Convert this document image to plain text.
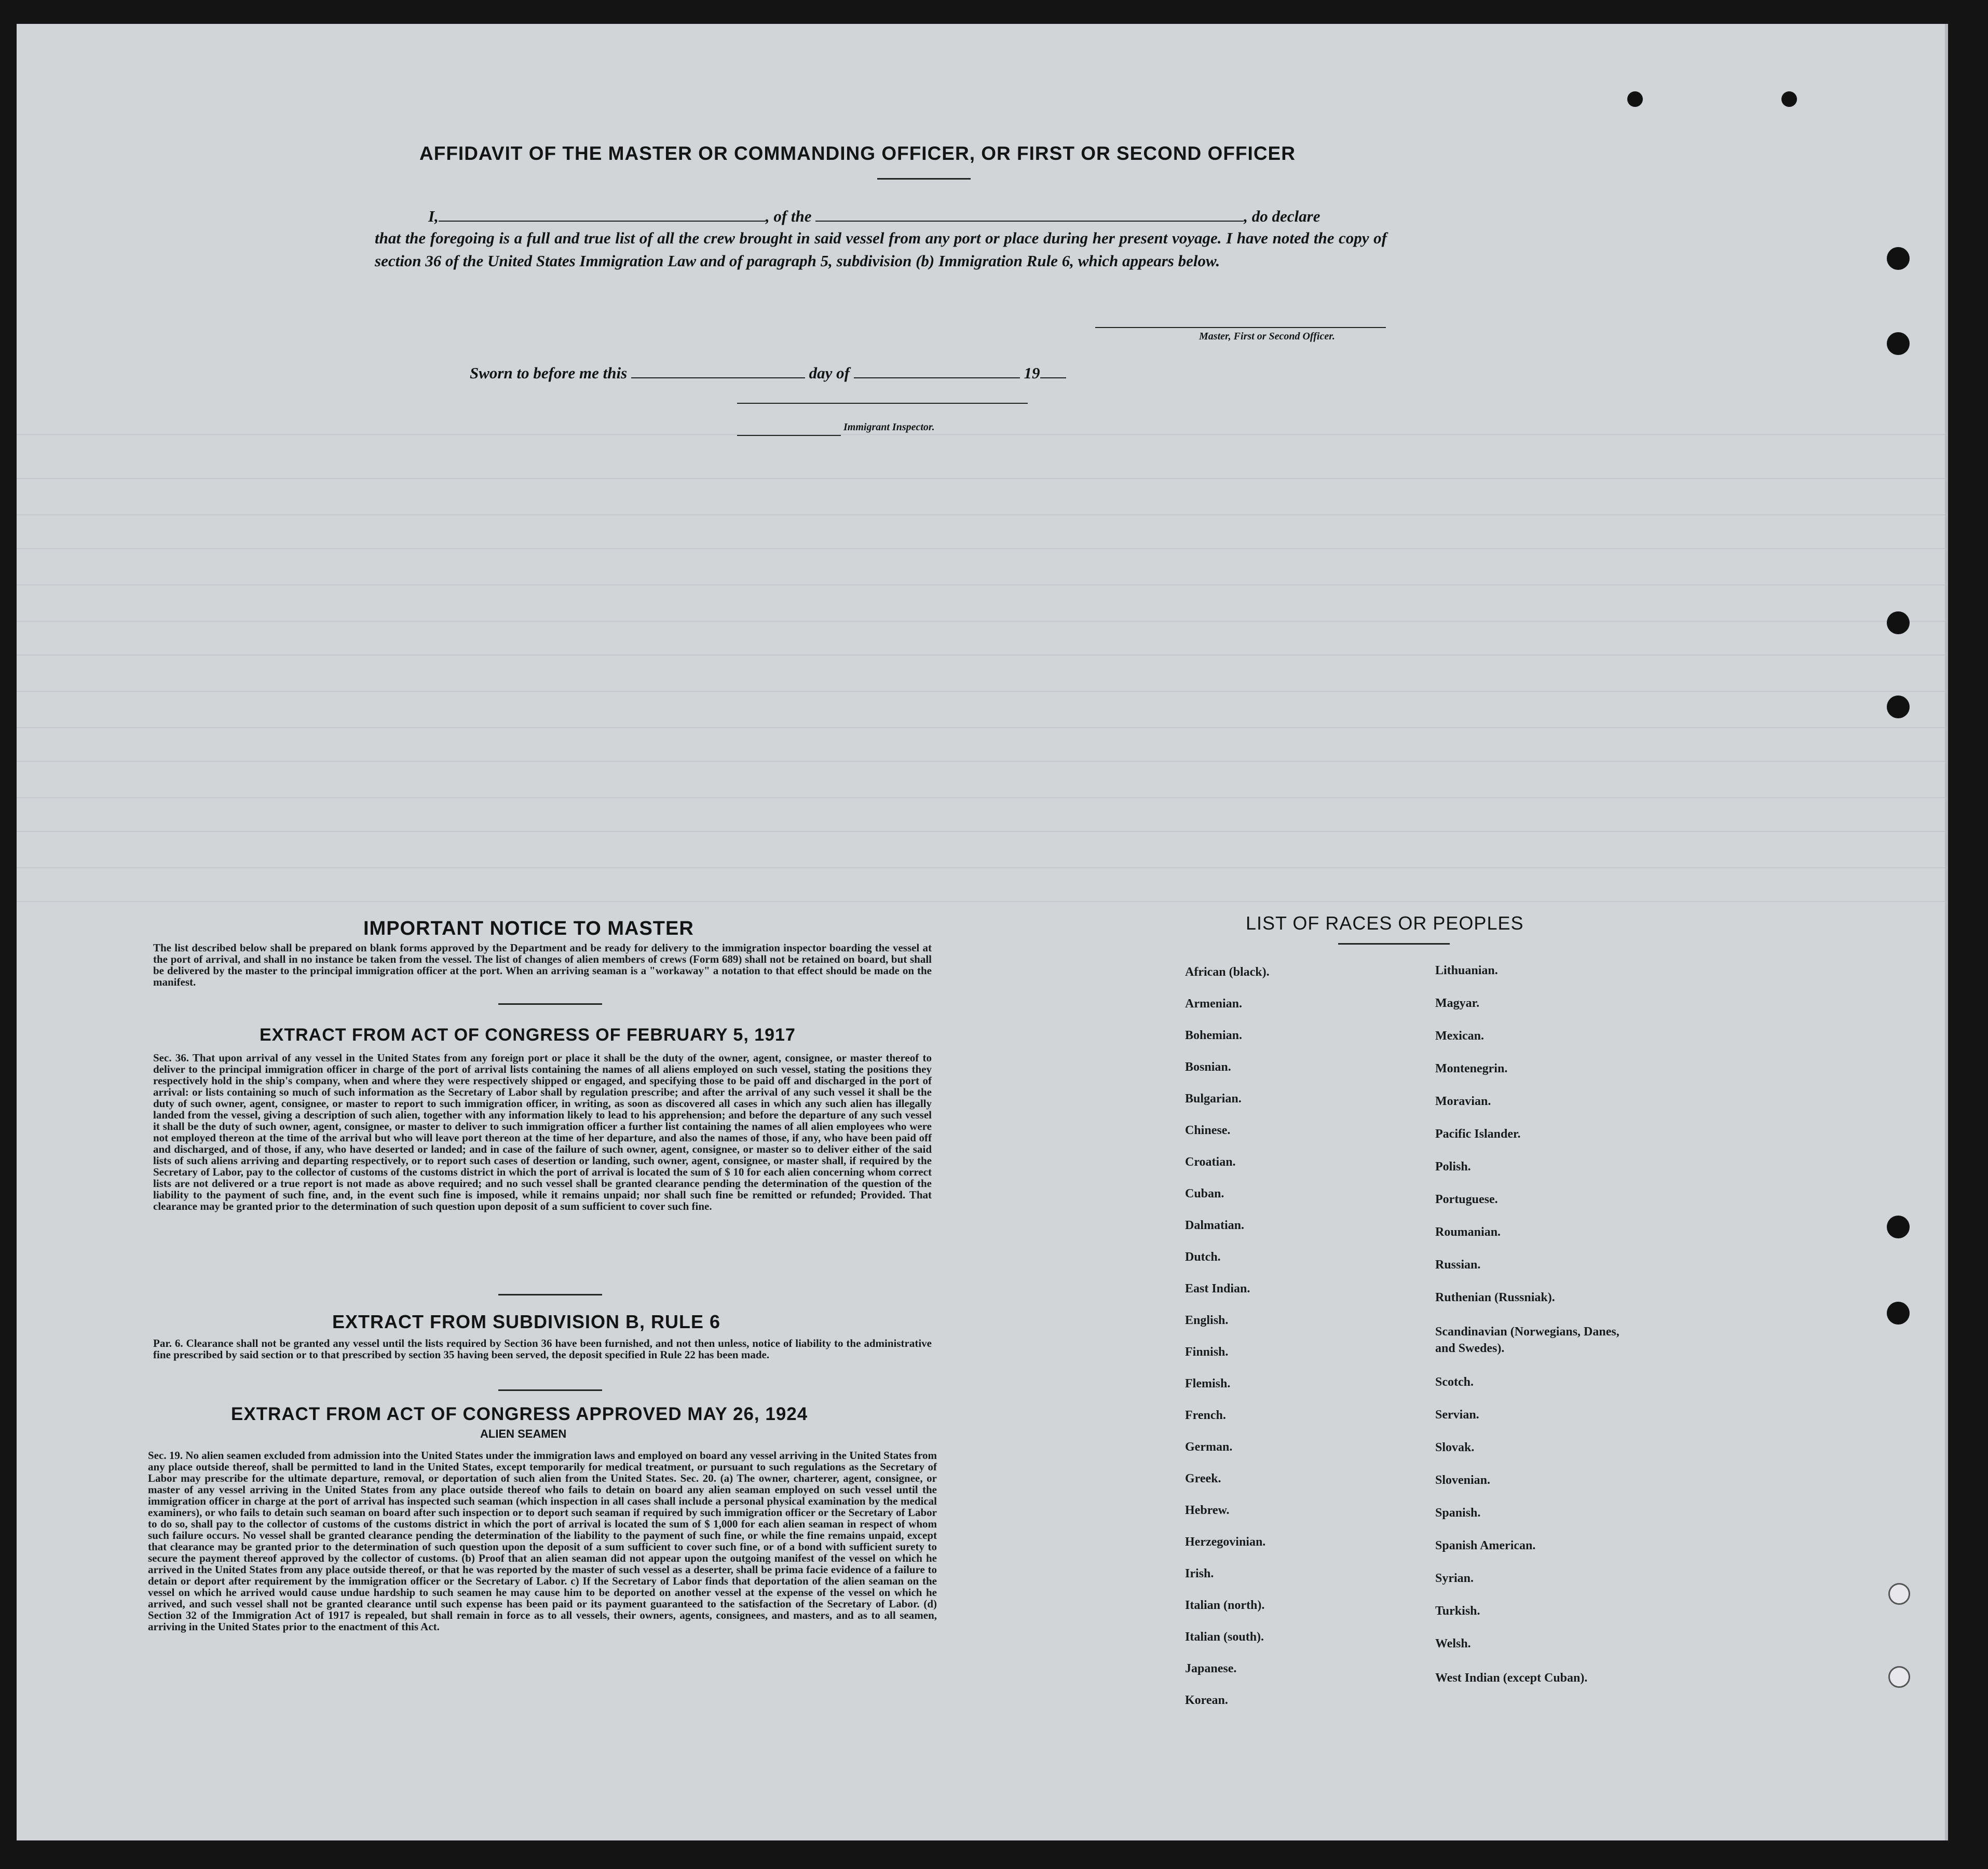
AFFIDAVIT OF THE MASTER OR COMMANDING OFFICER, OR FIRST OR SECOND OFFICER
I,	, of the	, do declare
that the foregoing is a full and true list of all the crew brought in said vessel from any port or place during her present voyage. I have noted the copy of section 36 of the United States Immigration Law and of paragraph 5, subdivision (b) Immigration Rule 6, which appears below.
Master, First or Second Officer.
Sworn to before me this	day of	19
Immigrant Inspector.
IMPORTANT NOTICE TO MASTER
The list described below shall be prepared on blank forms approved by the Department and be ready for delivery to the immigration inspector boarding the vessel at the port of arrival, and shall in no instance be taken from the vessel. The list of changes of alien members of crews (Form 689) shall not be retained on board, but shall be delivered by the master to the principal immigration officer at the port. When an arriving seaman is a "workaway" a notation to that effect should be made on the manifest.
EXTRACT FROM ACT OF CONGRESS OF FEBRUARY 5, 1917
Sec. 36. That upon arrival of any vessel in the United States from any foreign port or place it shall be the duty of the owner, agent, consignee, or master thereof to deliver to the principal immigration officer in charge of the port of arrival lists containing the names of all aliens employed on such vessel, stating the positions they respectively hold in the ship's company, when and where they were respectively shipped or engaged, and specifying those to be paid off and discharged in the port of arrival: or lists containing so much of such information as the Secretary of Labor shall by regulation prescribe; and after the arrival of any such vessel it shall be the duty of such owner, agent, consignee, or master to report to such immigration officer, in writing, as soon as discovered all cases in which any such alien has illegally landed from the vessel, giving a description of such alien, together with any information likely to lead to his apprehension; and before the departure of any such vessel it shall be the duty of such owner, agent, consignee, or master to deliver to such immigration officer a further list containing the names of all alien employees who were not employed thereon at the time of the arrival but who will leave port thereon at the time of her departure, and also the names of those, if any, who have been paid off and discharged, and of those, if any, who have deserted or landed; and in case of the failure of such owner, agent, consignee, or master so to deliver either of the said lists of such aliens arriving and departing respectively, or to report such cases of desertion or landing, such owner, agent, consignee, or master shall, if required by the Secretary of Labor, pay to the collector of customs of the customs district in which the port of arrival is located the sum of $ 10 for each alien concerning whom correct lists are not delivered or a true report is not made as above required; and no such vessel shall be granted clearance pending the determination of the question of the liability to the payment of such fine, and, in the event such fine is imposed, while it remains unpaid; nor shall such fine be remitted or refunded; Provided. That clearance may be granted prior to the determination of such question upon deposit of a sum sufficient to cover such fine.
EXTRACT FROM SUBDIVISION B, RULE 6
Par. 6. Clearance shall not be granted any vessel until the lists required by Section 36 have been furnished, and not then unless, notice of liability to the administrative fine prescribed by said section or to that prescribed by section 35 having been served, the deposit specified in Rule 22 has been made.
EXTRACT FROM ACT OF CONGRESS APPROVED MAY 26, 1924
ALIEN SEAMEN
Sec. 19. No alien seamen excluded from admission into the United States under the immigration laws and employed on board any vessel arriving in the United States from any place outside thereof, shall be permitted to land in the United States, except temporarily for medical treatment, or pursuant to such regulations as the Secretary of Labor may prescribe for the ultimate departure, removal, or deportation of such alien from the United States. Sec. 20. (a) The owner, charterer, agent, consignee, or master of any vessel arriving in the United States from any place outside thereof who fails to detain on board any alien seaman employed on such vessel until the immigration officer in charge at the port of arrival has inspected such seaman (which inspection in all cases shall include a personal physical examination by the medical examiners), or who fails to detain such seaman on board after such inspection or to deport such seaman if required by such immigration officer or the Secretary of Labor to do so, shall pay to the collector of customs of the customs district in which the port of arrival is located the sum of $ 1,000 for each alien seaman in respect of whom such failure occurs. No vessel shall be granted clearance pending the determination of the liability to the payment of such fine, or while the fine remains unpaid, except that clearance may be granted prior to the determination of such question upon the deposit of a sum sufficient to cover such fine, or of a bond with sufficient surety to secure the payment thereof approved by the collector of customs. (b) Proof that an alien seaman did not appear upon the outgoing manifest of the vessel on which he arrived in the United States from any place outside thereof, or that he was reported by the master of such vessel as a deserter, shall be prima facie evidence of a failure to detain or deport after requirement by the immigration officer or the Secretary of Labor. c) If the Secretary of Labor finds that deportation of the alien seaman on the vessel on which he arrived would cause undue hardship to such seamen he may cause him to be deported on another vessel at the expense of the vessel on which he arrived, and such vessel shall not be granted clearance until such expense has been paid or its payment guaranteed to the satisfaction of the Secretary of Labor. (d) Section 32 of the Immigration Act of 1917 is repealed, but shall remain in force as to all vessels, their owners, agents, consignees, and masters, and as to all seamen, arriving in the United States prior to the enactment of this Act.
LIST OF RACES OR PEOPLES
African (black).
Armenian.
Bohemian.
Bosnian.
Bulgarian.
Chinese.
Croatian.
Cuban.
Dalmatian.
Dutch.
East Indian.
English.
Finnish.
Flemish.
French.
German.
Greek.
Hebrew.
Herzegovinian.
Irish.
Italian (north).
Italian (south).
Japanese.
Korean.
Lithuanian.
Magyar.
Mexican.
Montenegrin.
Moravian.
Pacific Islander.
Polish.
Portuguese.
Roumanian.
Russian.
Ruthenian (Russniak).
Scandinavian (Norwegians, Danes, and Swedes).
Scotch.
Servian.
Slovak.
Slovenian.
Spanish.
Spanish American.
Syrian.
Turkish.
Welsh.
West Indian (except Cuban).
